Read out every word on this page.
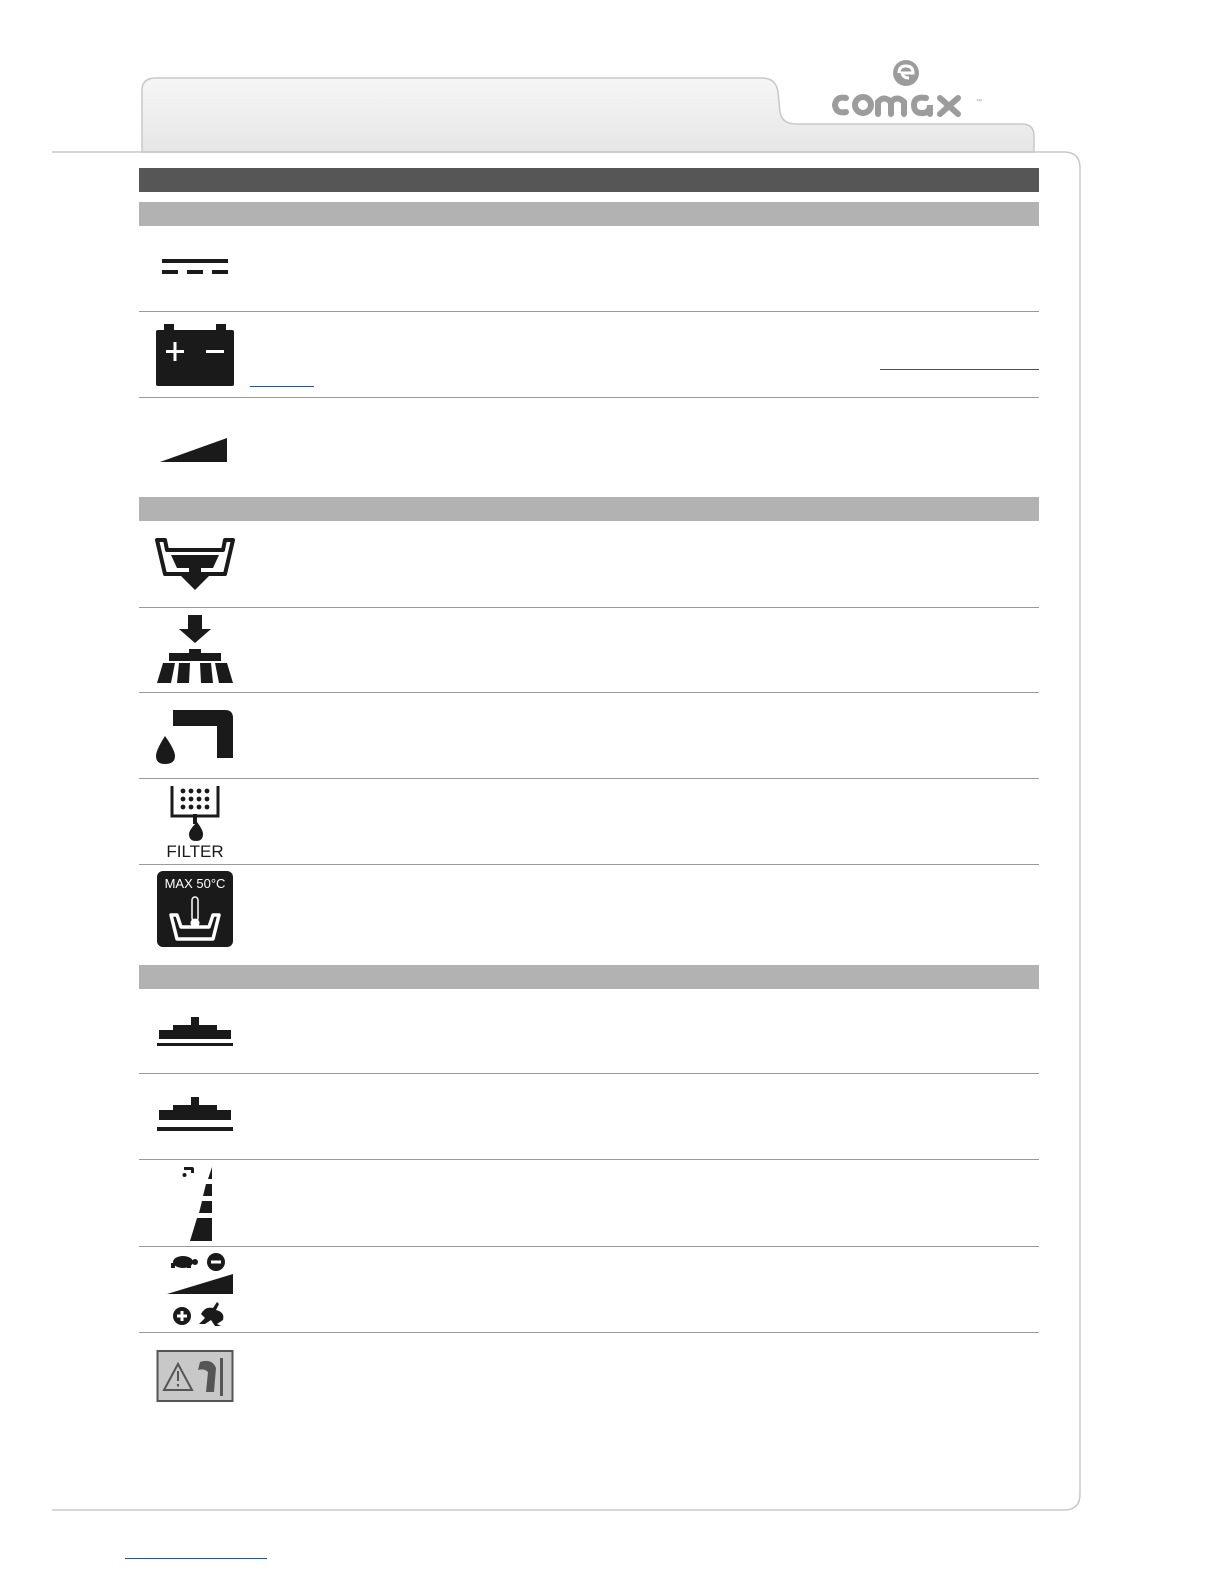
™
FILTER
MAX 50°C
